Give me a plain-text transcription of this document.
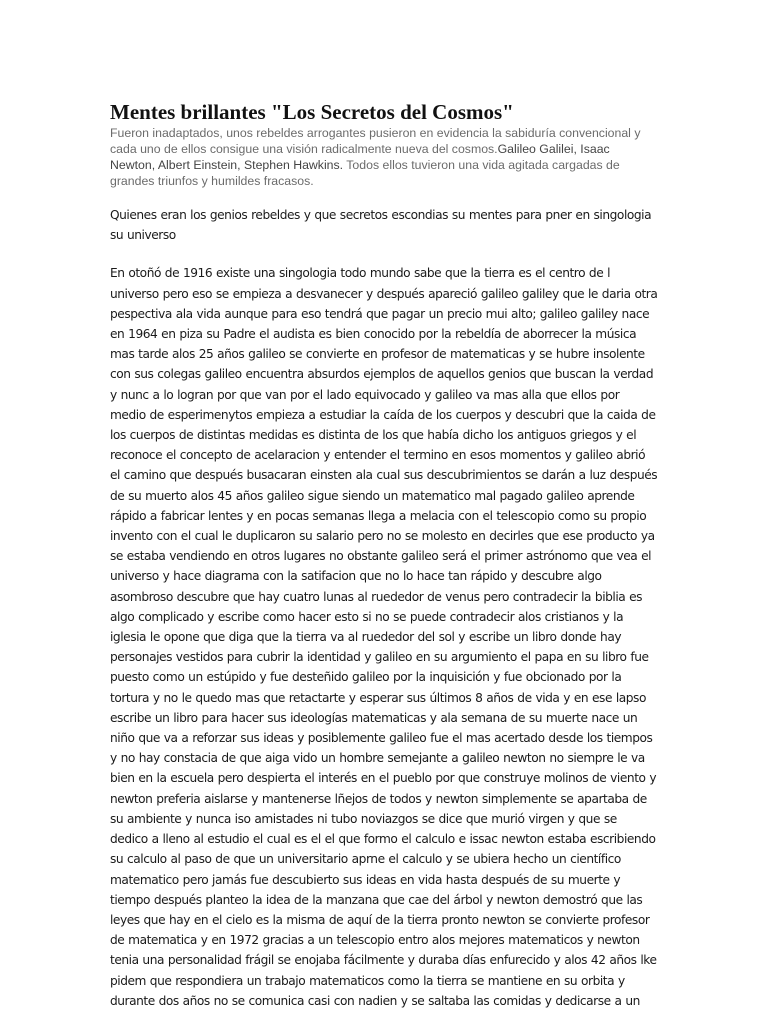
Mentes brillantes "Los Secretos del Cosmos"

Fueron inadaptados, unos rebeldes arrogantes pusieron en evidencia la sabiduría convencional y cada uno de ellos consigue una visión radicalmente nueva del cosmos.Galileo Galilei, Isaac Newton, Albert Einstein, Stephen Hawkins. Todos ellos tuvieron una vida agitada cargadas de grandes triunfos y humildes fracasos.

Quienes eran los genios rebeldes y que secretos escondias su mentes para pner en singologia su universo

En otoñó de 1916 existe una singologia todo mundo sabe que la tierra es el centro de l universo pero eso se empieza a desvanecer y después apareció galileo galiley que le daria otra pespectiva ala vida aunque para eso tendrá que pagar un precio mui alto; galileo galiley nace en 1964 en piza su Padre el audista es bien conocido por la rebeldía de aborrecer la música mas tarde alos 25 años galileo se convierte en profesor de matematicas y se hubre insolente con sus colegas galileo encuentra absurdos ejemplos de aquellos genios que buscan la verdad y nunc a lo logran por que van por el lado equivocado y galileo va mas alla que ellos por medio de esperimenytos empieza a estudiar la caída de los cuerpos y descubri que la caida de los cuerpos de distintas medidas es distinta de los que había dicho los antiguos griegos y el reconoce el concepto de acelaracion y entender el termino en esos momentos y galileo abrió el camino que después busacaran einsten ala cual sus descubrimientos se darán a luz después de su muerto alos 45 años galileo sigue siendo un matematico mal pagado galileo aprende rápido a fabricar lentes y en pocas semanas llega a melacia con el telescopio como su propio invento con el cual le duplicaron su salario pero no se molesto en decirles que ese producto ya se estaba vendiendo en otros lugares no obstante galileo será el primer astrónomo que vea el universo y hace diagrama con la satifacion que no lo hace tan rápido y descubre algo asombroso descubre que hay cuatro lunas al ruededor de venus pero contradecir la biblia es algo complicado y escribe como hacer esto si no se puede contradecir alos cristianos y la iglesia le opone que diga que la tierra va al ruededor del sol y escribe un libro donde hay personajes vestidos para cubrir la identidad y galileo en su argumiento el papa en su libro fue puesto como un estúpido y fue desteñido galileo por la inquisición y fue obcionado por la tortura y no le quedo mas que retactarte y esperar sus últimos 8 años de vida y en ese lapso escribe un libro para hacer sus ideologías matematicas y ala semana de su muerte nace un niño que va a reforzar sus ideas y posiblemente galileo fue el mas acertado desde los tiempos y no hay constacia de que aiga vido un hombre semejante a galileo newton no siempre le va bien en la escuela pero despierta el interés en el pueblo por que construye molinos de viento y newton preferia aislarse y mantenerse lñejos de todos y newton simplemente se apartaba de su ambiente y nunca iso amistades ni tubo noviazgos se dice que murió virgen y que se dedico a lleno al estudio el cual es el el que formo el calculo e issac newton estaba escribiendo su calculo al paso de que un universitario aprne el calculo y se ubiera hecho un científico matematico pero jamás fue descubierto sus ideas en vida hasta después de su muerte y tiempo después planteo la idea de la manzana que cae del árbol y newton demostró que las leyes que hay en el cielo es la misma de aquí de la tierra pronto newton se convierte profesor de matematica y en 1972 gracias a un telescopio entro alos mejores matematicos y newton tenia una personalidad frágil se enojaba fácilmente y duraba días enfurecido y alos 42 años lke pidem que respondiera un trabajo matematicos como la tierra se mantiene en su orbita y durante dos años no se comunica casi con nadien y se saltaba las comidas y dedicarse a un
